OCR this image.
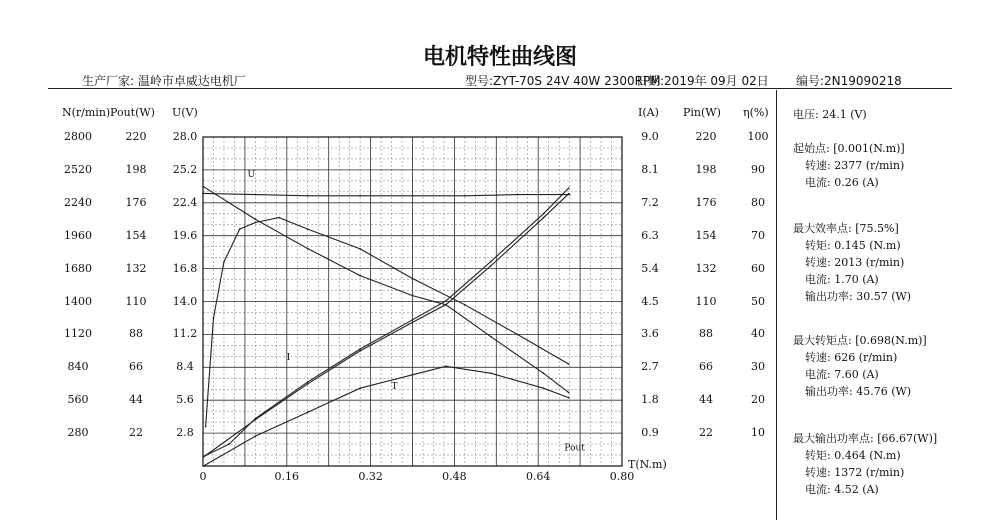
电机特性曲线图
生产厂家: 温岭市卓威达电机厂	型号:ZYT-70S 24V 40W 2300RPM
日期:2019年 09月 02日 编号:2N19090218
N(r/min) Pout(W) U(V)	I(A) Pin(W) η(%)
2800
2520
2240
1960
1680
1400
1120
840
560
280
220
198
176
154
132
110
88
66
44
22
28.0
25.2
22.4
19.6
16.8
14.0
11.2
8.4
5.6
2.8
9.0
8.1
7.2
6.3
5.4
4.5
3.6
2.7
1.8
0.9
220
198
176
154
132
110
88
66
44
22
100
90
80
70
60
50
40
30
20
10
0	0.16	0.32	0.48	0.64	0.80
T(N.m)
U
I
T
Pout
电压: 24.1 (V)
起始点: [0.001(N.m)]
转速: 2377 (r/min)
电流: 0.26 (A)
最大效率点: [75.5%]
转矩: 0.145 (N.m)
转速: 2013 (r/min)
电流: 1.70 (A)
输出功率: 30.57 (W)
最大转矩点: [0.698(N.m)]
转速: 626 (r/min)
电流: 7.60 (A)
输出功率: 45.76 (W)
最大输出功率点: [66.67(W)]
转矩: 0.464 (N.m)
转速: 1372 (r/min)
电流: 4.52 (A)
